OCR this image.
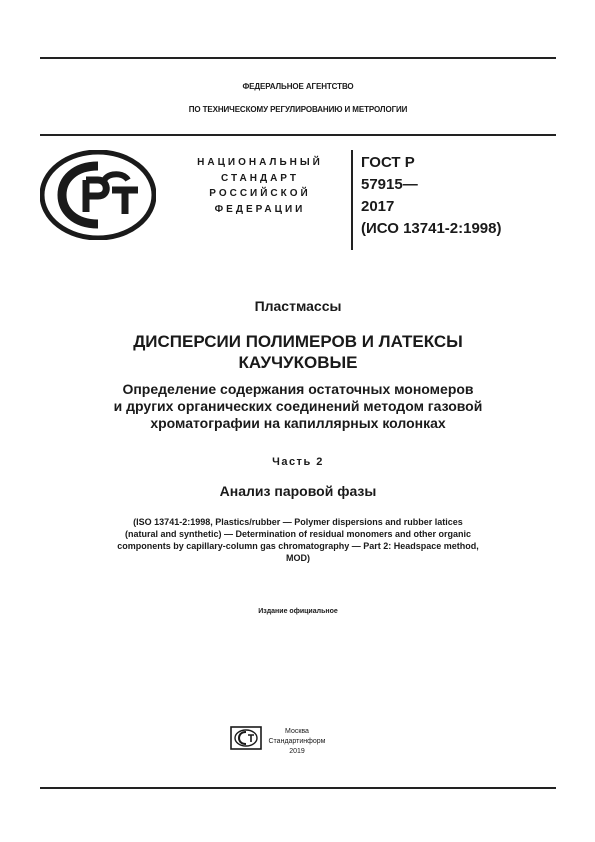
ФЕДЕРАЛЬНОЕ АГЕНТСТВО
ПО ТЕХНИЧЕСКОМУ РЕГУЛИРОВАНИЮ И МЕТРОЛОГИИ
НАЦИОНАЛЬНЫЙ
СТАНДАРТ
РОССИЙСКОЙ
ФЕДЕРАЦИИ
ГОСТ Р
57915—
2017
(ИСО 13741-2:1998)
Пластмассы
ДИСПЕРСИИ ПОЛИМЕРОВ И ЛАТЕКСЫ
КАУЧУКОВЫЕ
Определение содержания остаточных мономеров
и других органических соединений методом газовой
хроматографии на капиллярных колонках
Часть 2
Анализ паровой фазы
(ISO 13741-2:1998, Plastics/rubber — Polymer dispersions and rubber latices
(natural and synthetic) — Determination of residual monomers and other organic
components by capillary-column gas chromatography — Part 2: Headspace method,
MOD)
Издание официальное
Москва
Стандартинформ
2019
